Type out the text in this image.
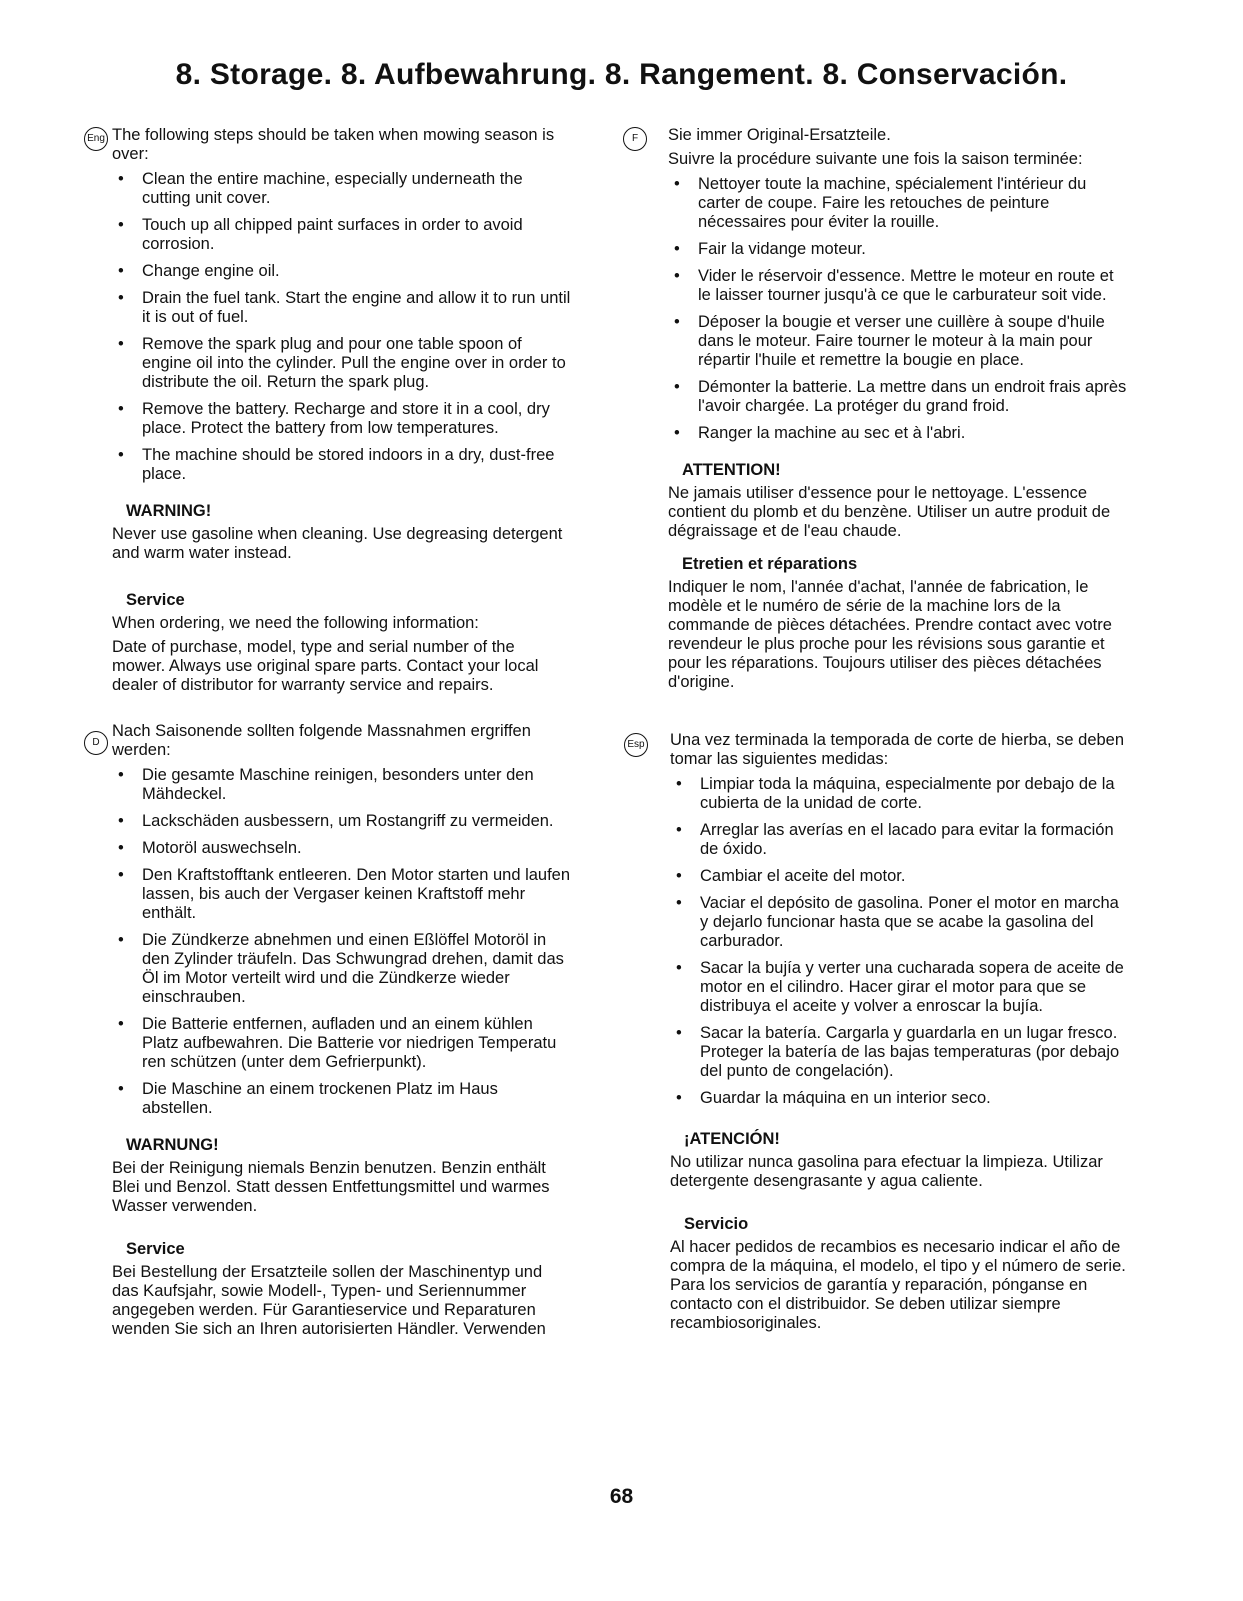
8. Storage. 8. Aufbewahrung. 8. Rangement. 8. Conservación.
Eng The following steps should be taken when mowing season is over:

• Clean the entire machine, especially underneath the cutting unit cover.
• Touch up all chipped paint surfaces in order to avoid corrosion.
• Change engine oil.
• Drain the fuel tank. Start the engine and allow it to run until it is out of fuel.
• Remove the spark plug and pour one table spoon of engine oil into the cylinder. Pull the engine over in order to distribute the oil. Return the spark plug.
• Remove the battery. Recharge and store it in a cool, dry place. Protect the battery from low temperatures.
• The machine should be stored indoors in a dry, dust-free place.
WARNING!

Never use gasoline when cleaning. Use degreasing detergent and warm water instead.

Service

When ordering, we need the following information:

Date of purchase, model, type and serial number of the mower. Always use original spare parts. Contact your local dealer of distributor for warranty service and repairs.

D

Nach Saisonende sollten folgende Massnahmen ergriffen werden:

• Die gesamte Maschine reinigen, besonders unter den Mähdeckel.
• Lackschäden ausbessern, um Rostangriff zu vermeiden.
• Motoröl auswechseln.
• Den Kraftstofftank entleeren. Den Motor starten und laufen lassen, bis auch der Vergaser keinen Kraftstoff mehr enthält.
• Die Zündkerze abnehmen und einen Eßlöffel Motoröl in den Zylinder träufeln. Das Schwungrad drehen, damit das Öl im Motor verteilt wird und die Zündkerze wieder einschrauben.
• Die Batterie entfernen, aufladen und an einem kühlen Platz aufbewahren. Die Batterie vor niedrigen Temperatu ren schützen (unter dem Gefrierpunkt).
• Die Maschine an einem trockenen Platz im Haus abstellen.
WARNUNG!

Bei der Reinigung niemals Benzin benutzen. Benzin enthält Blei und Benzol. Statt dessen Entfettungsmittel und warmes Wasser verwenden.

Service

Bei Bestellung der Ersatzteile sollen der Maschinentyp und das Kaufsjahr, sowie Modell-, Typen- und Seriennummer angegeben werden. Für Garantieservice und Reparaturen wenden Sie sich an Ihren autorisierten Händler. Verwenden

F	Sie immer Original-Ersatzteile.

Suivre la procédure suivante une fois la saison terminée:

• Nettoyer toute la machine, spécialement l'intérieur du carter de coupe. Faire les retouches de peinture nécessaires pour éviter la rouille.
• Fair la vidange moteur.
• Vider le réservoir d'essence. Mettre le moteur en route et le laisser tourner jusqu'à ce que le carburateur soit vide.
• Déposer la bougie et verser une cuillère à soupe d'huile dans le moteur. Faire tourner le moteur à la main pour répartir l'huile et remettre la bougie en place.
• Démonter la batterie. La mettre dans un endroit frais après l'avoir chargée. La protéger du grand froid.
• Ranger la machine au sec et à l'abri.
ATTENTION!

Ne jamais utiliser d'essence pour le nettoyage. L'essence contient du plomb et du benzène. Utiliser un autre produit de dégraissage et de l'eau chaude.

Etretien et réparations

Indiquer le nom, l'année d'achat, l'année de fabrication, le modèle et le numéro de série de la machine lors de la commande de pièces détachées. Prendre contact avec votre revendeur le plus proche pour les révisions sous garantie et pour les réparations. Toujours utiliser des pièces détachées d'origine.

Esp Una vez terminada la temporada de corte de hierba, se deben tomar las siguientes medidas:

• Limpiar toda la máquina, especialmente por debajo de la cubierta de la unidad de corte.
• Arreglar las averías en el lacado para evitar la formación de óxido.
• Cambiar el aceite del motor.
• Vaciar el depósito de gasolina. Poner el motor en marcha y dejarlo funcionar hasta que se acabe la gasolina del carburador.
• Sacar la bujía y verter una cucharada sopera de aceite de motor en el cilindro. Hacer girar el motor para que se distribuya el aceite y volver a enroscar la bujía.
• Sacar la batería. Cargarla y guardarla en un lugar fresco. Proteger la batería de las bajas temperaturas (por debajo del punto de congelación).
• Guardar la máquina en un interior seco.
¡ATENCIÓN!

No utilizar nunca gasolina para efectuar la limpieza. Utilizar detergente desengrasante y agua caliente.

Servicio

Al hacer pedidos de recambios es necesario indicar el año de compra de la máquina, el modelo, el tipo y el número de serie. Para los servicios de garantía y reparación, pónganse en contacto con el distribuidor. Se deben utilizar siempre recambiosoriginales.

68
